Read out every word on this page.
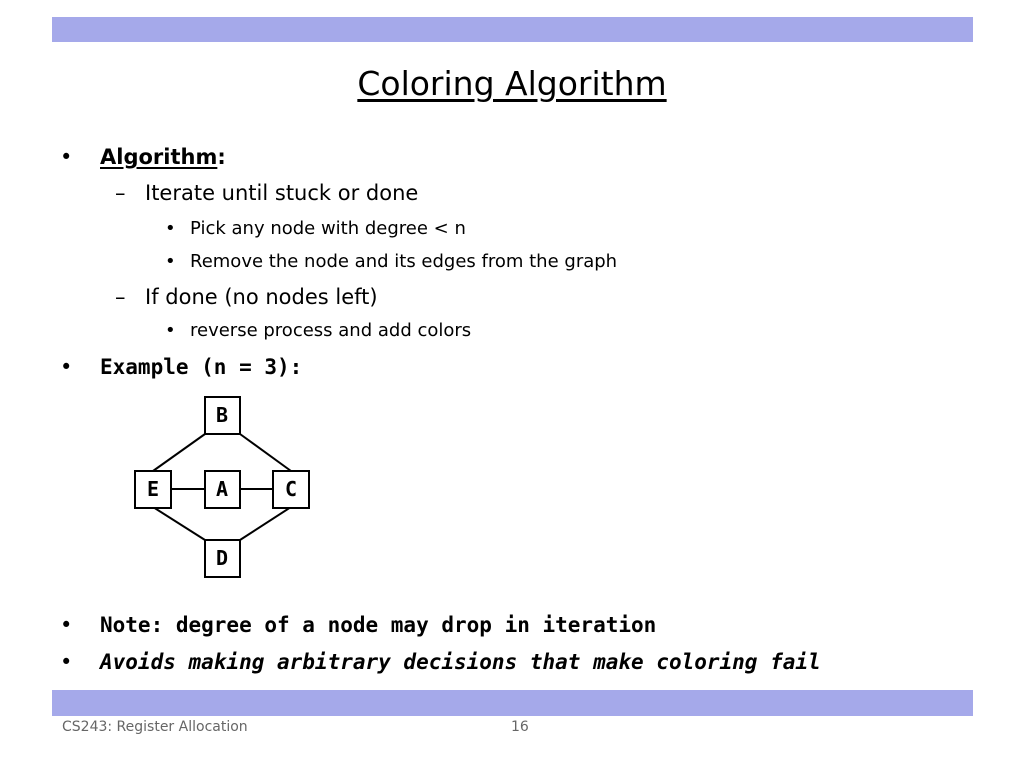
Coloring Algorithm
• Algorithm:
– Iterate until stuck or done
• Pick any node with degree < n
• Remove the node and its edges from the graph
– If done (no nodes left)
• reverse process and add colors
• Example (n = 3):
B
E	A	C
D
• Note: degree of a node may drop in iteration
• Avoids making arbitrary decisions that make coloring fail
CS243: Register Allocation	16
